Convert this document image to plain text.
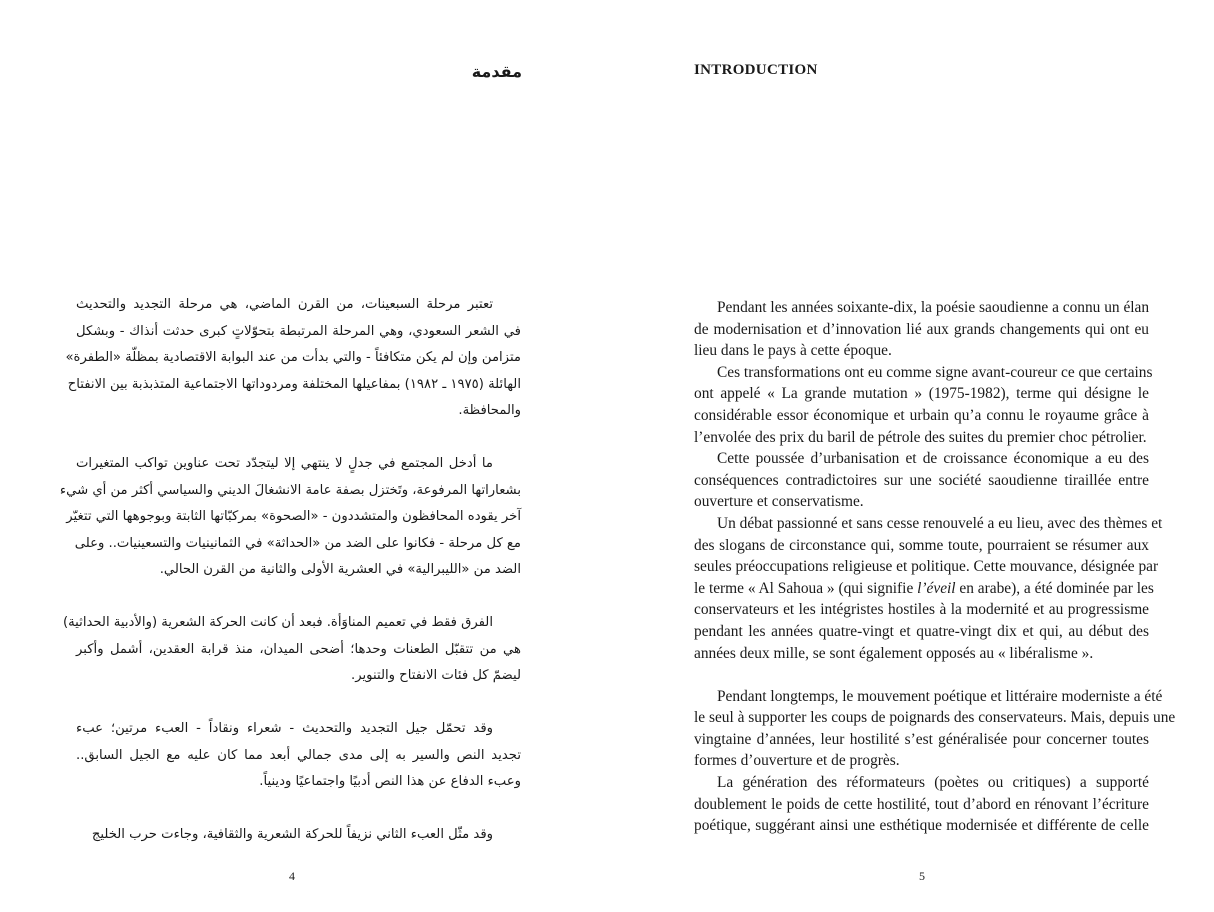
مقدمة

تعتبر مرحلة السبعينات، من القرن الماضي، هي مرحلة التجديد والتحديث
في الشعر السعودي، وهي المرحلة المرتبطة بتحوّلاتٍ كبرى حدثت أنذاك - وبشكل
متزامن وإن لم يكن متكافئاً - والتي بدأت من عند البوابة الاقتصادية بمظلّة «الطفرة»
الهائلة (١٩٧٥ ـ ١٩٨٢) بمفاعيلها المختلفة ومردوداتها الاجتماعية المتذبذبة بين الانفتاح
والمحافظة.

ما أدخل المجتمع في جدلٍ لا ينتهي إلا ليتجدّد تحت عناوين تواكب المتغيرات
بشعاراتها المرفوعة، وتَختزل بصفة عامة الانشغالَ الديني والسياسي أكثر من أي شيء
آخر يقوده المحافظون والمتشددون - «الصحوة» بمركبّاتها الثابتة وبوجوهها التي تتغيّر
مع كل مرحلة - فكانوا على الضد من «الحداثة» في الثمانينيات والتسعينيات.. وعلى
الضد من «الليبرالية» في العشرية الأولى والثانية من القرن الحالي.

الفرق فقط في تعميم المناوَأة. فبعد أن كانت الحركة الشعرية (والأدبية الحداثية)
هي من تتقبّل الطعنات وحدها؛ أضحى الميدان، منذ قرابة العقدين، أشمل وأكبر
ليضمّ كل فئات الانفتاح والتنوير.

وقد تحمّل جيل التجديد والتحديث - شعراء ونقاداً - العبء مرتين؛ عبء
تجديد النص والسير به إلى مدى جمالي أبعد مما كان عليه مع الجيل السابق..
وعبء الدفاع عن هذا النص أدبيًا واجتماعيًا ودينياً.

وقد مثّل العبء الثاني نزيفاً للحركة الشعرية والثقافية، وجاءت حرب الخليج

4
INTRODUCTION

Pendant les années soixante-dix, la poésie saoudienne a connu un élan
de modernisation et d’innovation lié aux grands changements qui ont eu
lieu dans le pays à cette époque.

Ces transformations ont eu comme signe avant-coureur ce que certains
ont appelé « La grande mutation » (1975-1982), terme qui désigne le
considérable essor économique et urbain qu’a connu le royaume grâce à
l’envolée des prix du baril de pétrole des suites du premier choc pétrolier.

Cette poussée d’urbanisation et de croissance économique a eu des
conséquences contradictoires sur une société saoudienne tiraillée entre
ouverture et conservatisme.

Un débat passionné et sans cesse renouvelé a eu lieu, avec des thèmes et
des slogans de circonstance qui, somme toute, pourraient se résumer aux
seules préoccupations religieuse et politique. Cette mouvance, désignée par
le terme « Al Sahoua » (qui signifie l’éveil en arabe), a été dominée par les
conservateurs et les intégristes hostiles à la modernité et au progressisme
pendant les années quatre-vingt et quatre-vingt dix et qui, au début des
années deux mille, se sont également opposés au « libéralisme ».

Pendant longtemps, le mouvement poétique et littéraire moderniste a été
le seul à supporter les coups de poignards des conservateurs. Mais, depuis une
vingtaine d’années, leur hostilité s’est généralisée pour concerner toutes
formes d’ouverture et de progrès.

La génération des réformateurs (poètes ou critiques) a supporté
doublement le poids de cette hostilité, tout d’abord en rénovant l’écriture
poétique, suggérant ainsi une esthétique modernisée et différente de celle

5
